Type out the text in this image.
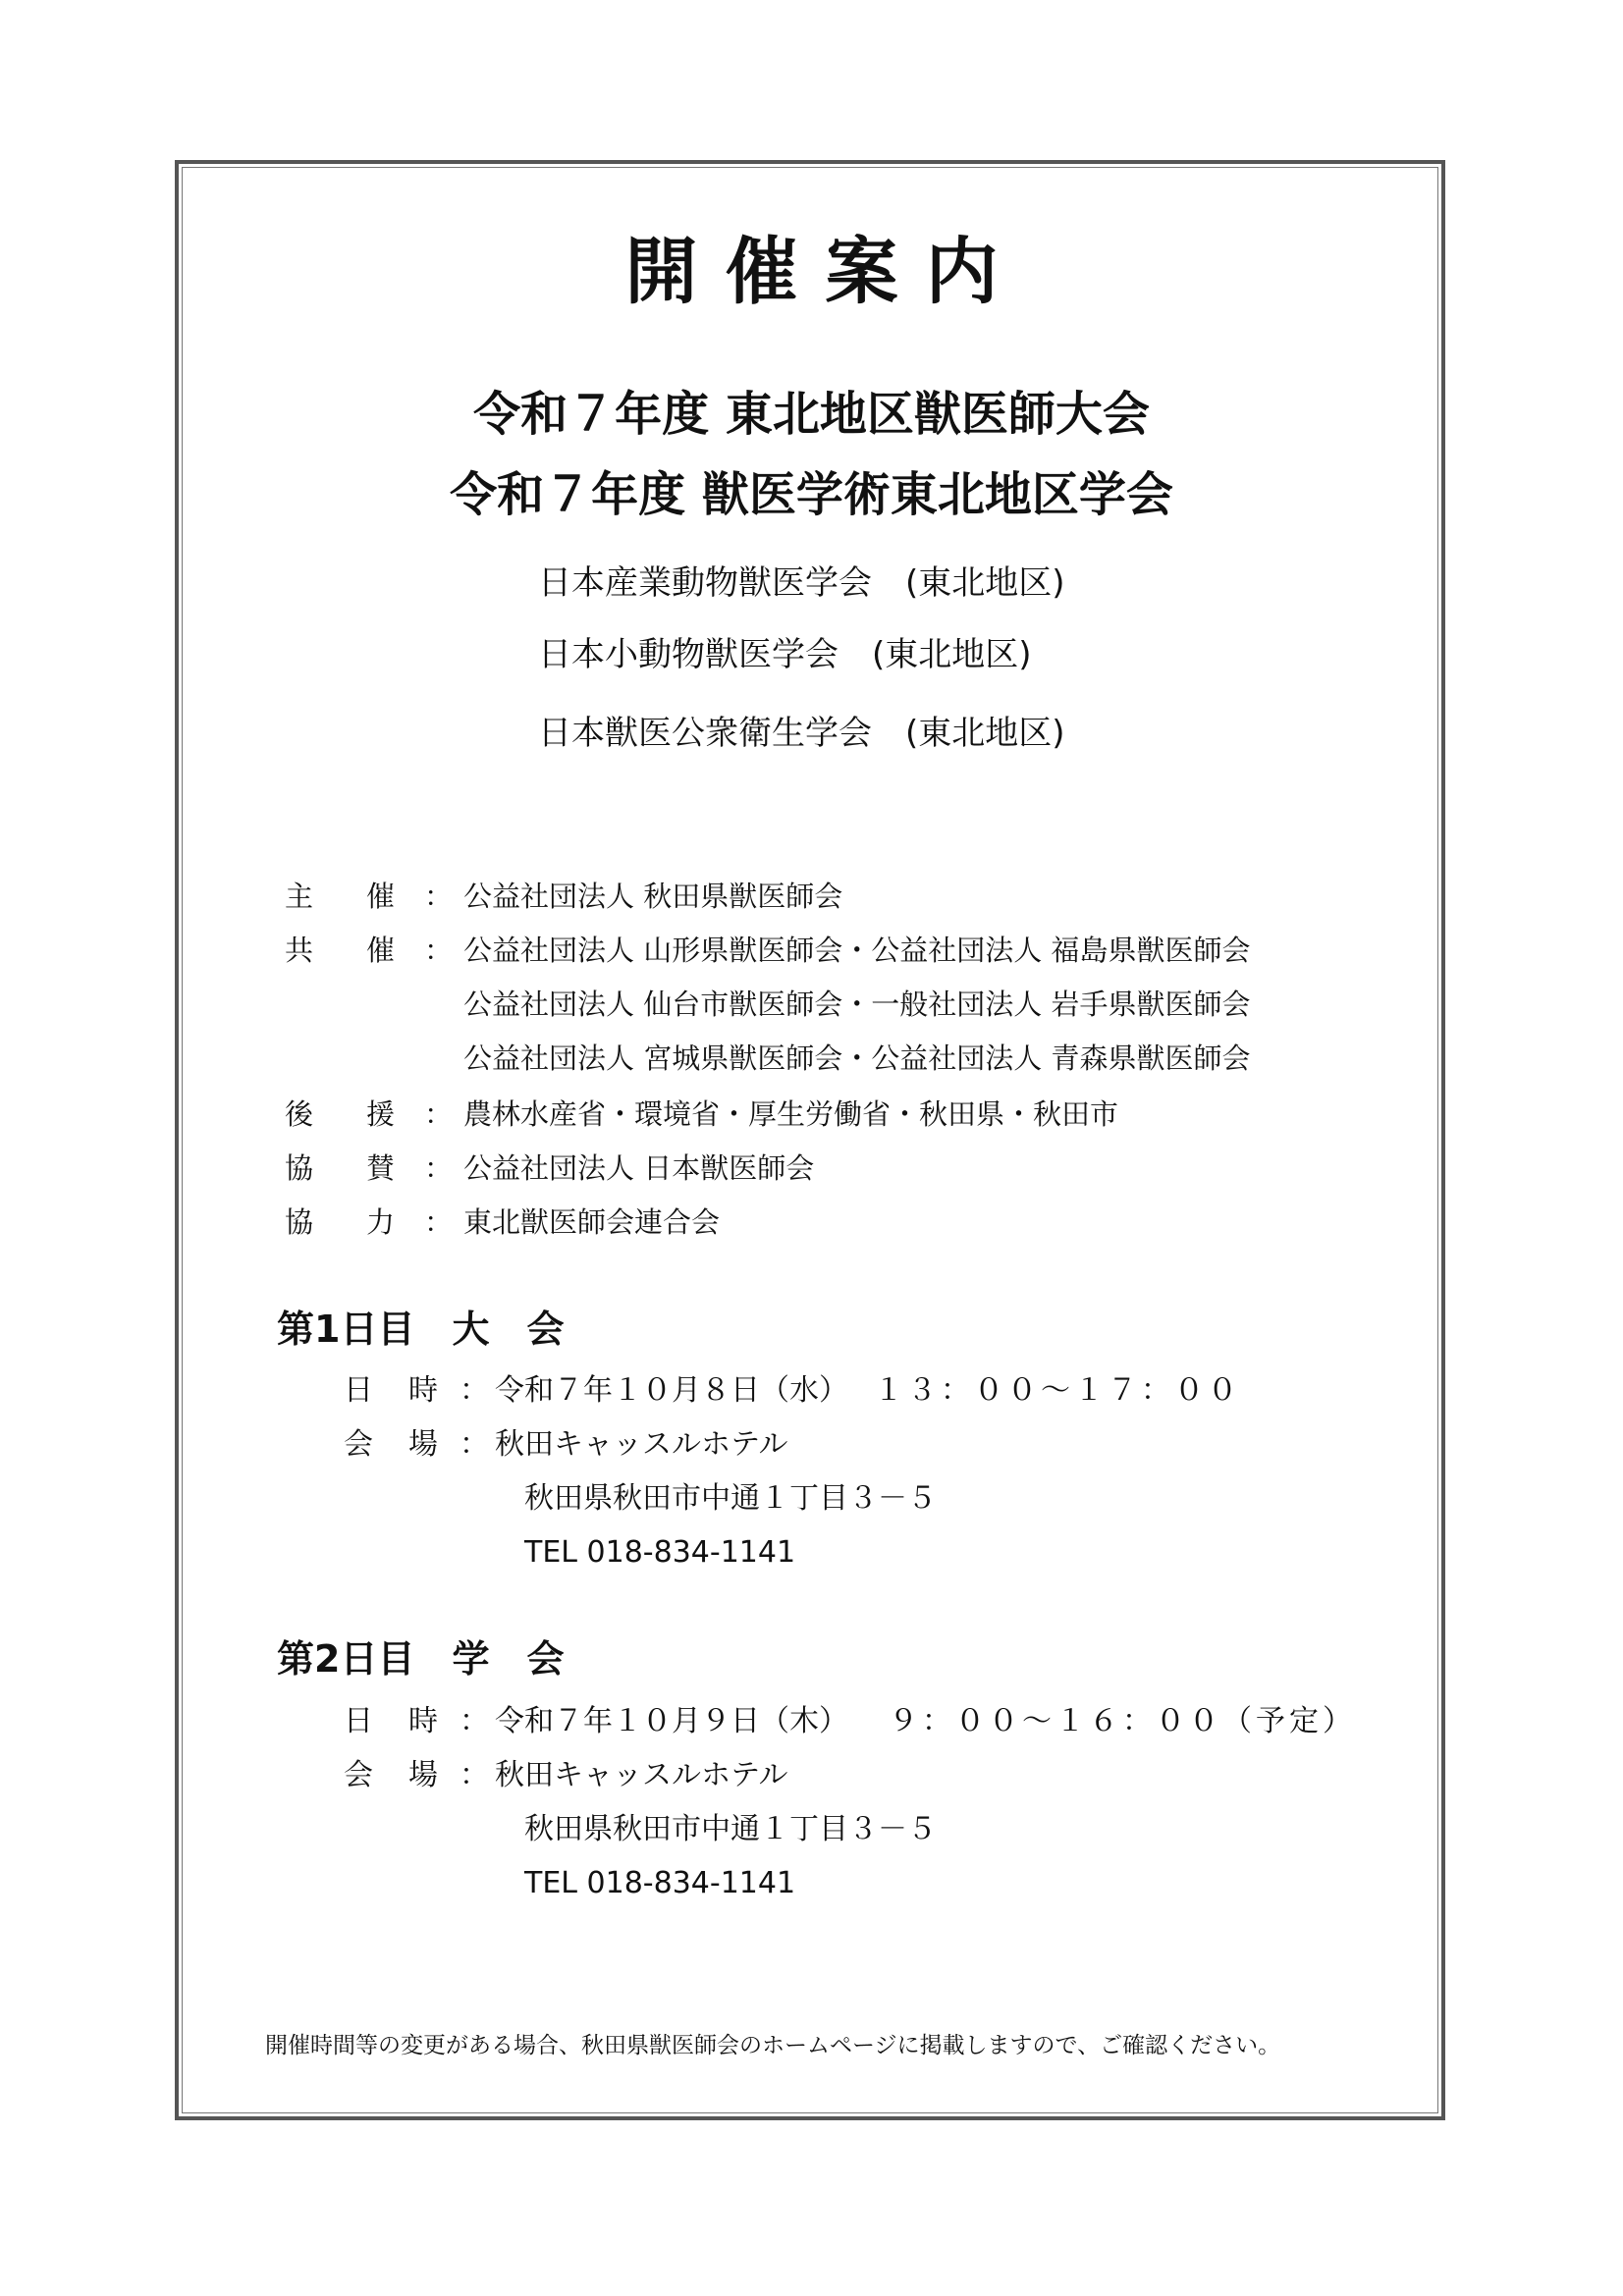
開催案内
令和７年度 東北地区獣医師大会
令和７年度 獣医学術東北地区学会
日本産業動物獣医学会　(東北地区)
日本小動物獣医学会　(東北地区)
日本獣医公衆衛生学会　(東北地区)
主 催 ： 公益社団法人 秋田県獣医師会
共 催 ： 公益社団法人 山形県獣医師会・公益社団法人 福島県獣医師会
公益社団法人 仙台市獣医師会・一般社団法人 岩手県獣医師会
公益社団法人 宮城県獣医師会・公益社団法人 青森県獣医師会
後 援 ： 農林水産省・環境省・厚生労働省・秋田県・秋田市
協 賛 ： 公益社団法人 日本獣医師会
協 力 ： 東北獣医師会連合会
第1日目　大　会
日 時 ： 令和７年１０月８日（水） １３：００～１７：００
会 場 ： 秋田キャッスルホテル
秋田県秋田市中通１丁目３－５
TEL 018-834-1141
第2日目　学　会
日 時 ： 令和７年１０月９日（木） ９：００～１６：００（予定）
会 場 ： 秋田キャッスルホテル
秋田県秋田市中通１丁目３－５
TEL 018-834-1141
開催時間等の変更がある場合、秋田県獣医師会のホームページに掲載しますので、ご確認ください。
